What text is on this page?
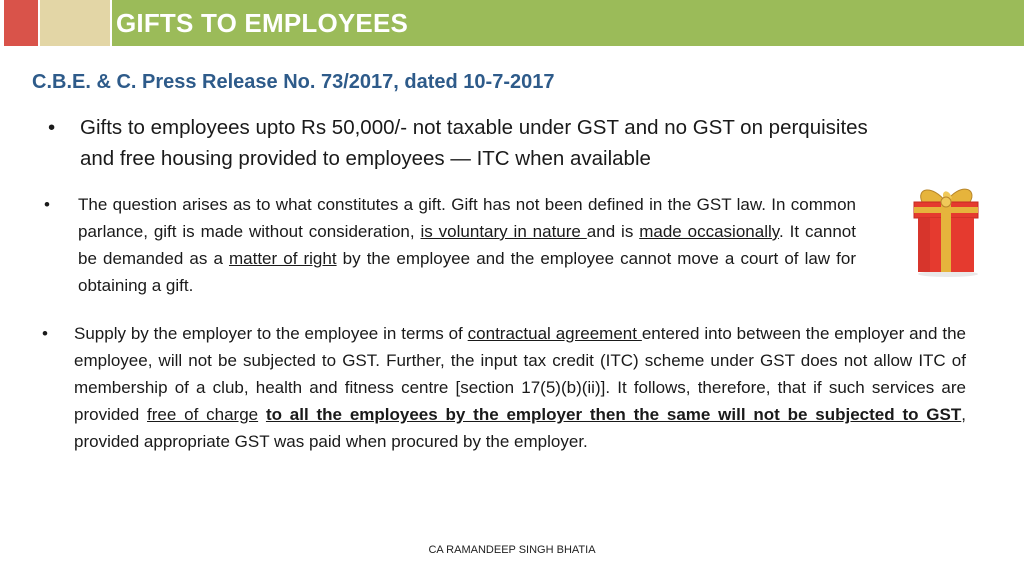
GIFTS TO EMPLOYEES
C.B.E. & C. Press Release No. 73/2017, dated 10-7-2017
•	Gifts to employees upto Rs 50,000/- not taxable under GST and no GST on perquisites and free housing provided to employees — ITC when available
•	The question arises as to what constitutes a gift. Gift has not been defined in the GST law. In common parlance, gift is made without consideration, is voluntary in nature and is made occasionally. It cannot be demanded as a matter of right by the employee and the employee cannot move a court of law for obtaining a gift.
•	Supply by the employer to the employee in terms of contractual agreement entered into between the employer and the employee, will not be subjected to GST. Further, the input tax credit (ITC) scheme under GST does not allow ITC of membership of a club, health and fitness centre [section 17(5)(b)(ii)]. It follows, therefore, that if such services are provided free of charge to all the employees by the employer then the same will not be subjected to GST, provided appropriate GST was paid when procured by the employer.
CA RAMANDEEP SINGH BHATIA
